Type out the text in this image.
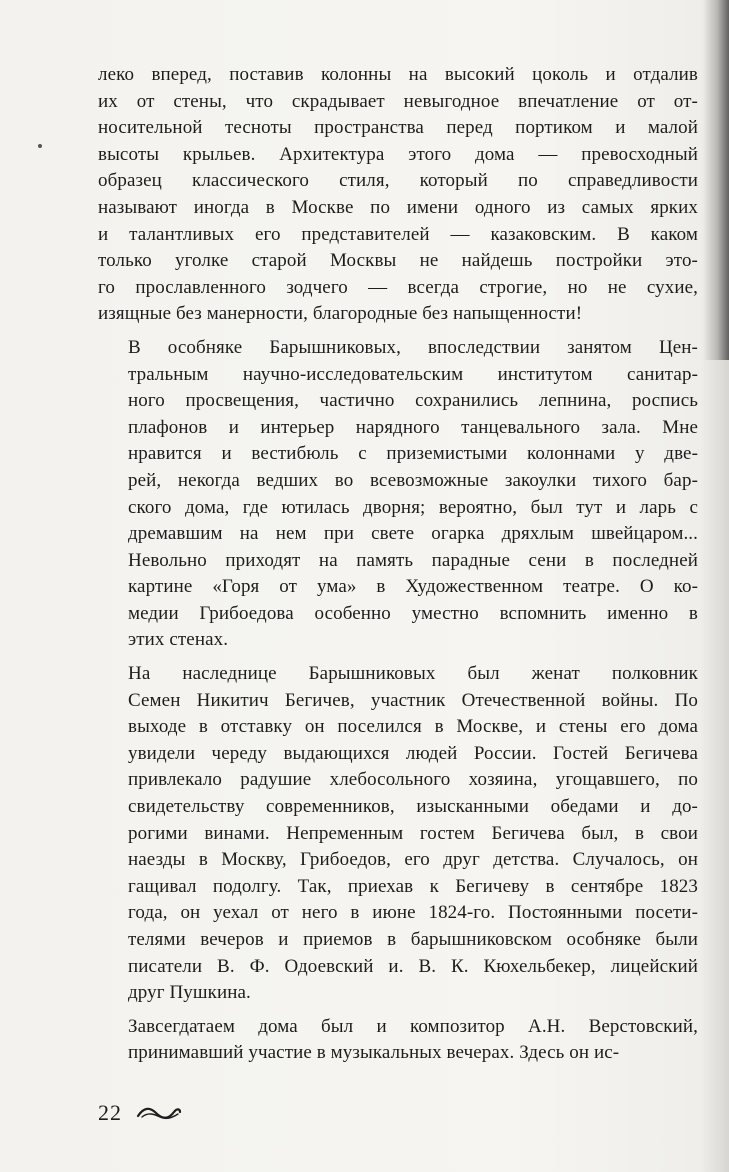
леко вперед, поставив колонны на высокий цоколь и отдалив
их от стены, что скрадывает невыгодное впечатление от от-
носительной тесноты пространства перед портиком и малой
высоты крыльев. Архитектура этого дома — превосходный
образец классического стиля, который по справедливости
называют иногда в Москве по имени одного из самых ярких
и талантливых его представителей — казаковским. В каком
только уголке старой Москвы не найдешь постройки это-
го прославленного зодчего — всегда строгие, но не сухие,
изящные без манерности, благородные без напыщенности!

В особняке Барышниковых, впоследствии занятом Цен-
тральным научно-исследовательским институтом санитар-
ного просвещения, частично сохранились лепнина, роспись
плафонов и интерьер нарядного танцевального зала. Мне
нравится и вестибюль с приземистыми колоннами у две-
рей, некогда ведших во всевозможные закоулки тихого бар-
ского дома, где ютилась дворня; вероятно, был тут и ларь с
дремавшим на нем при свете огарка дряхлым швейцаром...
Невольно приходят на память парадные сени в последней
картине «Горя от ума» в Художественном театре. О ко-
медии Грибоедова особенно уместно вспомнить именно в
этих стенах.

На наследнице Барышниковых был женат полковник
Семен Никитич Бегичев, участник Отечественной войны. По
выходе в отставку он поселился в Москве, и стены его дома
увидели череду выдающихся людей России. Гостей Бегичева
привлекало радушие хлебосольного хозяина, угощавшего, по
свидетельству современников, изысканными обедами и до-
рогими винами. Непременным гостем Бегичева был, в свои
наезды в Москву, Грибоедов, его друг детства. Случалось, он
гащивал подолгу. Так, приехав к Бегичеву в сентябре 1823
года, он уехал от него в июне 1824-го. Постоянными посети-
телями вечеров и приемов в барышниковском особняке были
писатели В. Ф. Одоевский и. В. К. Кюхельбекер, лицейский
друг Пушкина.

Завсегдатаем дома был и композитор А.Н. Верстовский,
принимавший участие в музыкальных вечерах. Здесь он ис-

22
